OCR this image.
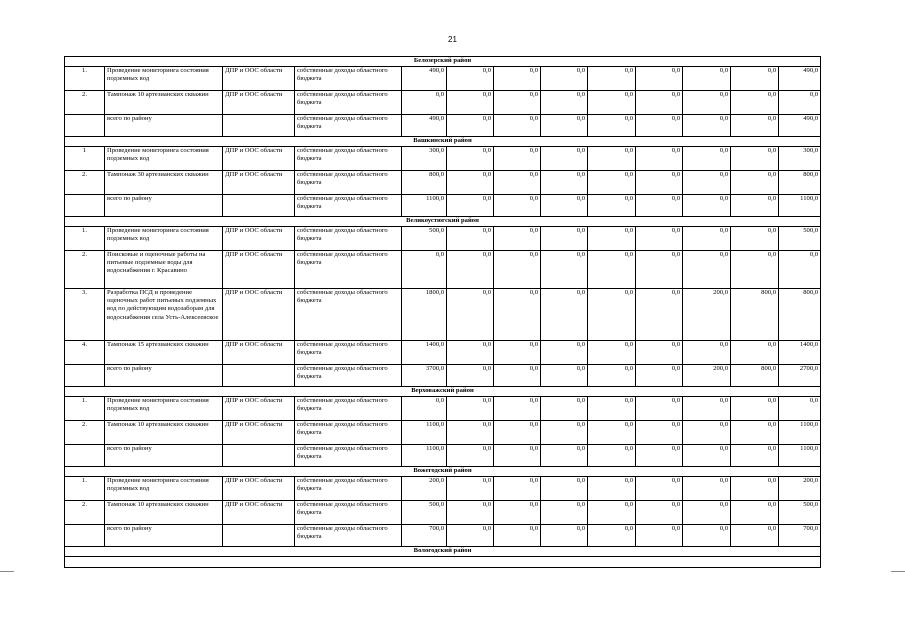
21
Белозерский район												
1.	Проведение мониторинга состояния подземных вод	ДПР и ООС области	собственные доходы областного бюджета	490,0	0,0	0,0	0,0	0,0	0,0	0,0	0,0	490,0
2.	Тампонаж 10 артезианских скважин	ДПР и ООС области	собственные доходы областного бюджета	0,0	0,0	0,0	0,0	0,0	0,0	0,0	0,0	0,0
	всего по району		собственные доходы областного бюджета	490,0	0,0	0,0	0,0	0,0	0,0	0,0	0,0	490,0
Вашкинский район												
1	Проведение мониторинга состояния подземных вод	ДПР и ООС области	собственные доходы областного бюджета	300,0	0,0	0,0	0,0	0,0	0,0	0,0	0,0	300,0
2.	Тампонаж 30 артезианских скважин	ДПР и ООС области	собственные доходы областного бюджета	800,0	0,0	0,0	0,0	0,0	0,0	0,0	0,0	800,0
	всего по району		собственные доходы областного бюджета	1100,0	0,0	0,0	0,0	0,0	0,0	0,0	0,0	1100,0
Великоустюгский район												
1.	Проведение мониторинга состояния подземных вод	ДПР и ООС области	собственные доходы областного бюджета	500,0	0,0	0,0	0,0	0,0	0,0	0,0	0,0	500,0
2.	Поисковые и оценочные работы на питьевые подземные воды для водоснабжения г. Красавино	ДПР и ООС области	собственные доходы областного бюджета	0,0	0,0	0,0	0,0	0,0	0,0	0,0	0,0	0,0
3.	Разработка ПСД и проведение оценочных работ питьевых подземных вод по действующим водозаборам для водоснабжения села Усть-Алексеевское	ДПР и ООС области	собственные доходы областного бюджета	1800,0	0,0	0,0	0,0	0,0	0,0	200,0	800,0	800,0
4.	Тампонаж 15 артезианских скважин	ДПР и ООС области	собственные доходы областного бюджета	1400,0	0,0	0,0	0,0	0,0	0,0	0,0	0,0	1400,0
	всего по району		собственные доходы областного бюджета	3700,0	0,0	0,0	0,0	0,0	0,0	200,0	800,0	2700,0
Верховажский район												
1.	Проведение мониторинга состояния подземных вод	ДПР и ООС области	собственные доходы областного бюджета	0,0	0,0	0,0	0,0	0,0	0,0	0,0	0,0	0,0
2.	Тампонаж 10 артезианских скважин	ДПР и ООС области	собственные доходы областного бюджета	1100,0	0,0	0,0	0,0	0,0	0,0	0,0	0,0	1100,0
	всего по району		собственные доходы областного бюджета	1100,0	0,0	0,0	0,0	0,0	0,0	0,0	0,0	1100,0
Вожегодский район												
1.	Проведение мониторинга состояния подземных вод	ДПР и ООС области	собственные доходы областного бюджета	200,0	0,0	0,0	0,0	0,0	0,0	0,0	0,0	200,0
2.	Тампонаж 10 артезианских скважин	ДПР и ООС области	собственные доходы областного бюджета	500,0	0,0	0,0	0,0	0,0	0,0	0,0	0,0	500,0
	всего по району		собственные доходы областного бюджета	700,0	0,0	0,0	0,0	0,0	0,0	0,0	0,0	700,0
Вологодский район												
